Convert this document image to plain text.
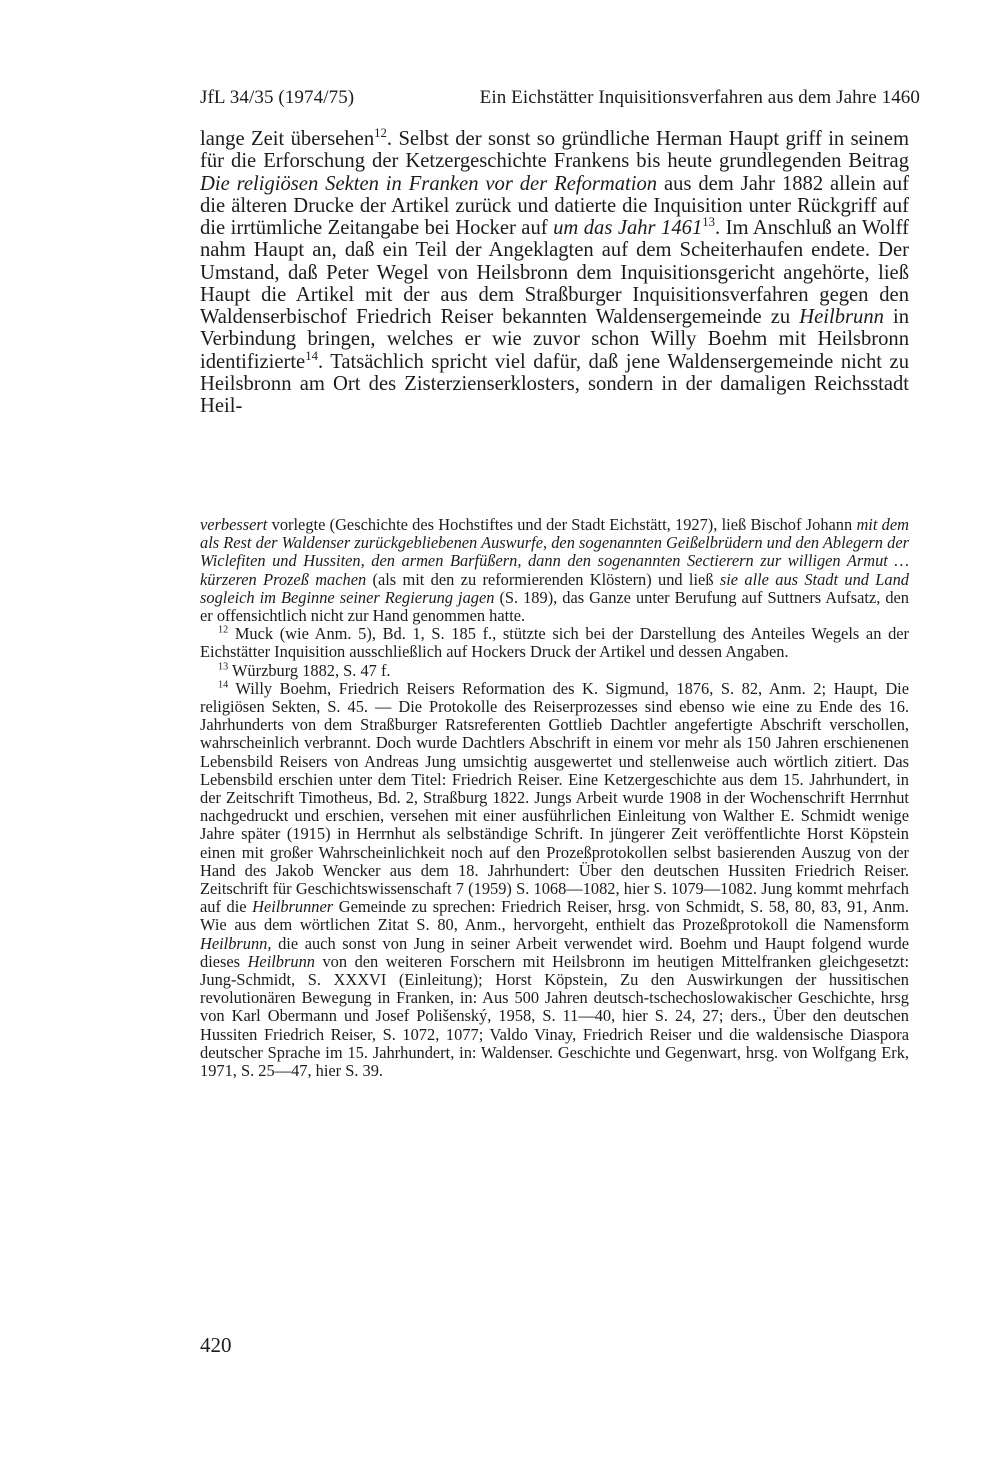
JfL 34/35 (1974/75)	Ein Eichstätter Inquisitionsverfahren aus dem Jahre 1460

lange Zeit übersehen$^{12}$. Selbst der sonst so gründliche Herman Haupt griff in seinem für die Erforschung der Ketzergeschichte Frankens bis heute grundlegenden Beitrag Die religiösen Sekten in Franken vor der Reformation aus dem Jahr 1882 allein auf die älteren Drucke der Artikel zurück und datierte die Inquisition unter Rückgriff auf die irrtümliche Zeitangabe bei Hocker auf um das Jahr 1461$^{13}$. Im Anschluß an Wolff nahm Haupt an, daß ein Teil der Angeklagten auf dem Scheiterhaufen endete. Der Umstand, daß Peter Wegel von Heilsbronn dem Inquisitionsgericht angehörte, ließ Haupt die Artikel mit der aus dem Straßburger Inquisitionsverfahren gegen den Waldenserbischof Friedrich Reiser bekannten Waldensergemeinde zu Heilbrunn in Verbindung bringen, welches er wie zuvor schon Willy Boehm mit Heilsbronn identifizierte$^{14}$. Tatsächlich spricht viel dafür, daß jene Waldensergemeinde nicht zu Heilsbronn am Ort des Zisterzienserklosters, sondern in der damaligen Reichsstadt Heil-

verbessert vorlegte (Geschichte des Hochstiftes und der Stadt Eichstätt, 1927), ließ Bischof Johann mit dem als Rest der Waldenser zurückgebliebenen Auswurfe, den sogenannten Geißelbrüdern und den Ablegern der Wiclefiten und Hussiten, den armen Barfüßern, dann den sogenannten Sectierern zur willigen Armut … kürzeren Prozeß machen (als mit den zu reformierenden Klöstern) und ließ sie alle aus Stadt und Land sogleich im Beginne seiner Regierung jagen (S. 189), das Ganze unter Berufung auf Suttners Aufsatz, den er offensichtlich nicht zur Hand genommen hatte.

$^{12}$ Muck (wie Anm. 5), Bd. 1, S. 185 f., stützte sich bei der Darstellung des Anteiles Wegels an der Eichstätter Inquisition ausschließlich auf Hockers Druck der Artikel und dessen Angaben.

$^{13}$ Würzburg 1882, S. 47 f.

$^{14}$ Willy Boehm, Friedrich Reisers Reformation des K. Sigmund, 1876, S. 82, Anm. 2; Haupt, Die religiösen Sekten, S. 45. — Die Protokolle des Reiserprozesses sind ebenso wie eine zu Ende des 16. Jahrhunderts von dem Straßburger Ratsreferenten Gottlieb Dachtler angefertigte Abschrift verschollen, wahrscheinlich verbrannt. Doch wurde Dachtlers Abschrift in einem vor mehr als 150 Jahren erschienenen Lebensbild Reisers von Andreas Jung umsichtig ausgewertet und stellenweise auch wörtlich zitiert. Das Lebensbild erschien unter dem Titel: Friedrich Reiser. Eine Ketzergeschichte aus dem 15. Jahrhundert, in der Zeitschrift Timotheus, Bd. 2, Straßburg 1822. Jungs Arbeit wurde 1908 in der Wochenschrift Herrnhut nachgedruckt und erschien, versehen mit einer ausführlichen Einleitung von Walther E. Schmidt wenige Jahre später (1915) in Herrnhut als selbständige Schrift. In jüngerer Zeit veröffentlichte Horst Köpstein einen mit großer Wahrscheinlichkeit noch auf den Prozeßprotokollen selbst basierenden Auszug von der Hand des Jakob Wencker aus dem 18. Jahrhundert: Über den deutschen Hussiten Friedrich Reiser. Zeitschrift für Geschichtswissenschaft 7 (1959) S. 1068—1082, hier S. 1079—1082. Jung kommt mehrfach auf die Heilbrunner Gemeinde zu sprechen: Friedrich Reiser, hrsg. von Schmidt, S. 58, 80, 83, 91, Anm. Wie aus dem wörtlichen Zitat S. 80, Anm., hervorgeht, enthielt das Prozeßprotokoll die Namensform Heilbrunn, die auch sonst von Jung in seiner Arbeit verwendet wird. Boehm und Haupt folgend wurde dieses Heilbrunn von den weiteren Forschern mit Heilsbronn im heutigen Mittelfranken gleichgesetzt: Jung-Schmidt, S. XXXVI (Einleitung); Horst Köpstein, Zu den Auswirkungen der hussitischen revolutionären Bewegung in Franken, in: Aus 500 Jahren deutsch-tschechoslowakischer Geschichte, hrsg von Karl Obermann und Josef Polišenský, 1958, S. 11—40, hier S. 24, 27; ders., Über den deutschen Hussiten Friedrich Reiser, S. 1072, 1077; Valdo Vinay, Friedrich Reiser und die waldensische Diaspora deutscher Sprache im 15. Jahrhundert, in: Waldenser. Geschichte und Gegenwart, hrsg. von Wolfgang Erk, 1971, S. 25—47, hier S. 39.

420
